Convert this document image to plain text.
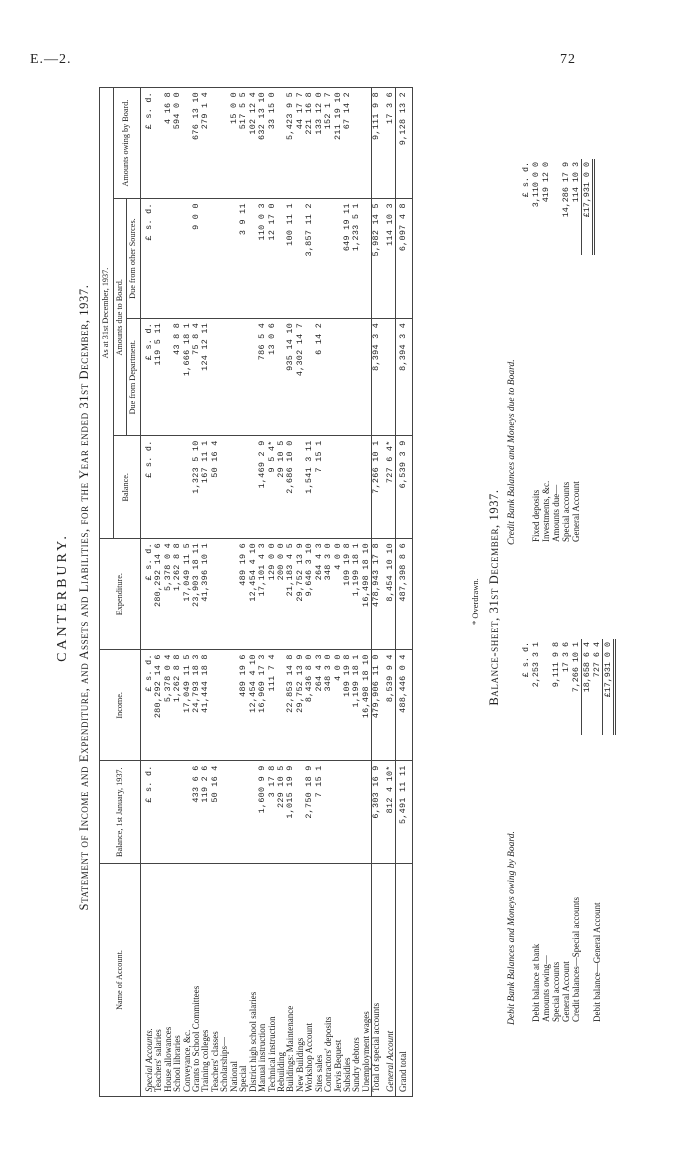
E.—2.	72
CANTERBURY. Statement of Income and Expenditure, and Assets and Liabilities, for the Year ended 31st December, 1937.
Name of Account.	Balance, 1st January, 1937.	Income.	Expenditure.	As at 31st December, 1937.			
				Balance.	Amounts due to Board.		Amounts owing by Board.
					Due from Department.	Due from other Sources.	
Special Accounts.	£ s. d.	£ s. d.	£ s. d.	£ s. d.	£ s. d.	£ s. d.	£ s. d.
Teachers' salaries		280,292 14 6	280,292 14 6		119 5 11		
House allowances		5,378 0 4	5,378 0 4				4 16 8
School libraries		1,262 8 8	1,262 8 8		43 8 8		594 0 0
Conveyance, &c.		17,049 11 5	17,049 11 5		1,666 18 1		
Grants to School Committees	433 6 6	24,793 18 3	23,903 18 11	1,323 5 10	75 8 4	9 0 0	676 13 10
Training colleges	119 2 6	41,444 18 8	41,396 10 1	167 11 1	124 12 11		279 1 4
Teachers' classes	50 16 4			50 16 4			
Scholarships—							
National							15 0 0
Special		489 19 6	489 19 6			3 9 11	517 5 5
District high school salaries		12,454 4 10	12,454 4 10				102 12 4
Manual instruction	1,600 9 9	16,969 17 3	17,101 4 3	1,469 2 9	786 5 4	110 0 3	632 13 10
Technical instruction	3 17 8	111 7 4	129 0 0	9 5 4*	13 0 6	12 17 0	33 15 0
Rebuilding	229 10 5		200 0 0	29 10 5			
Buildings: Maintenance	1,015 19 9	22,853 14 8	21,183 4 5	2,686 10 0	935 14 10	100 11 1	5,423 9 5
New Buildings		29,752 13 9	29,752 13 9		4,302 14 7		44 17 7
Workshop Account	2,750 18 9	8,436 8 0	9,646 3 10	1,541 3 11		3,857 11 2	221 16 8
Sites sales	7 15 1	264 4 3	264 4 3	7 15 1	6 14 2		133 12 0
Contractors' deposits		348 3 0	348 3 0				152 1 7
Jervis Bequest		4 0 0	4 0 0				211 19 10
Subsidies		109 19 8	109 19 8			649 19 11	67 14 2
Sundry debtors		1,199 18 1	1,199 18 1			1,233 5 1	
Unemployment wages		16,498 18 10	16,498 18 10				
Total of special accounts	6,303 16 9	479,906 11 0	478,943 17 8	7,266 10 1	8,394 3 4	5,982 14 5	9,111 9 8
General Account	812 4 10*	8,539 9 4	8,454 10 10	727 6 4*		114 10 3	17 3 6
Grand total	5,491 11 11	488,446 0 4	487,398 8 6	6,539 3 9	8,394 3 4	6,097 4 8	9,128 13 2
* Overdrawn. Balance-sheet, 31st December, 1937.
Debit Bank Balances and Moneys owing by Board.
Credit Bank Balances and Moneys due to Board.
	£ s. d.
Debit balance at bank	2,253 3 1
Amounts owing—	
Special accounts	9,111 9 8
General Account	17 3 6
Credit balances—Special accounts	7,266 10 1
	18,658 6 4
Debit balance—General Account	727 6 4
	£17,931 0 0
	£ s. d.
Fixed deposits	3,110 0 0
Investments, &c.	419 12 0
Amounts due—	
Special accounts	14,286 17 9
General Account	114 10 3

	£17,931 0 0
